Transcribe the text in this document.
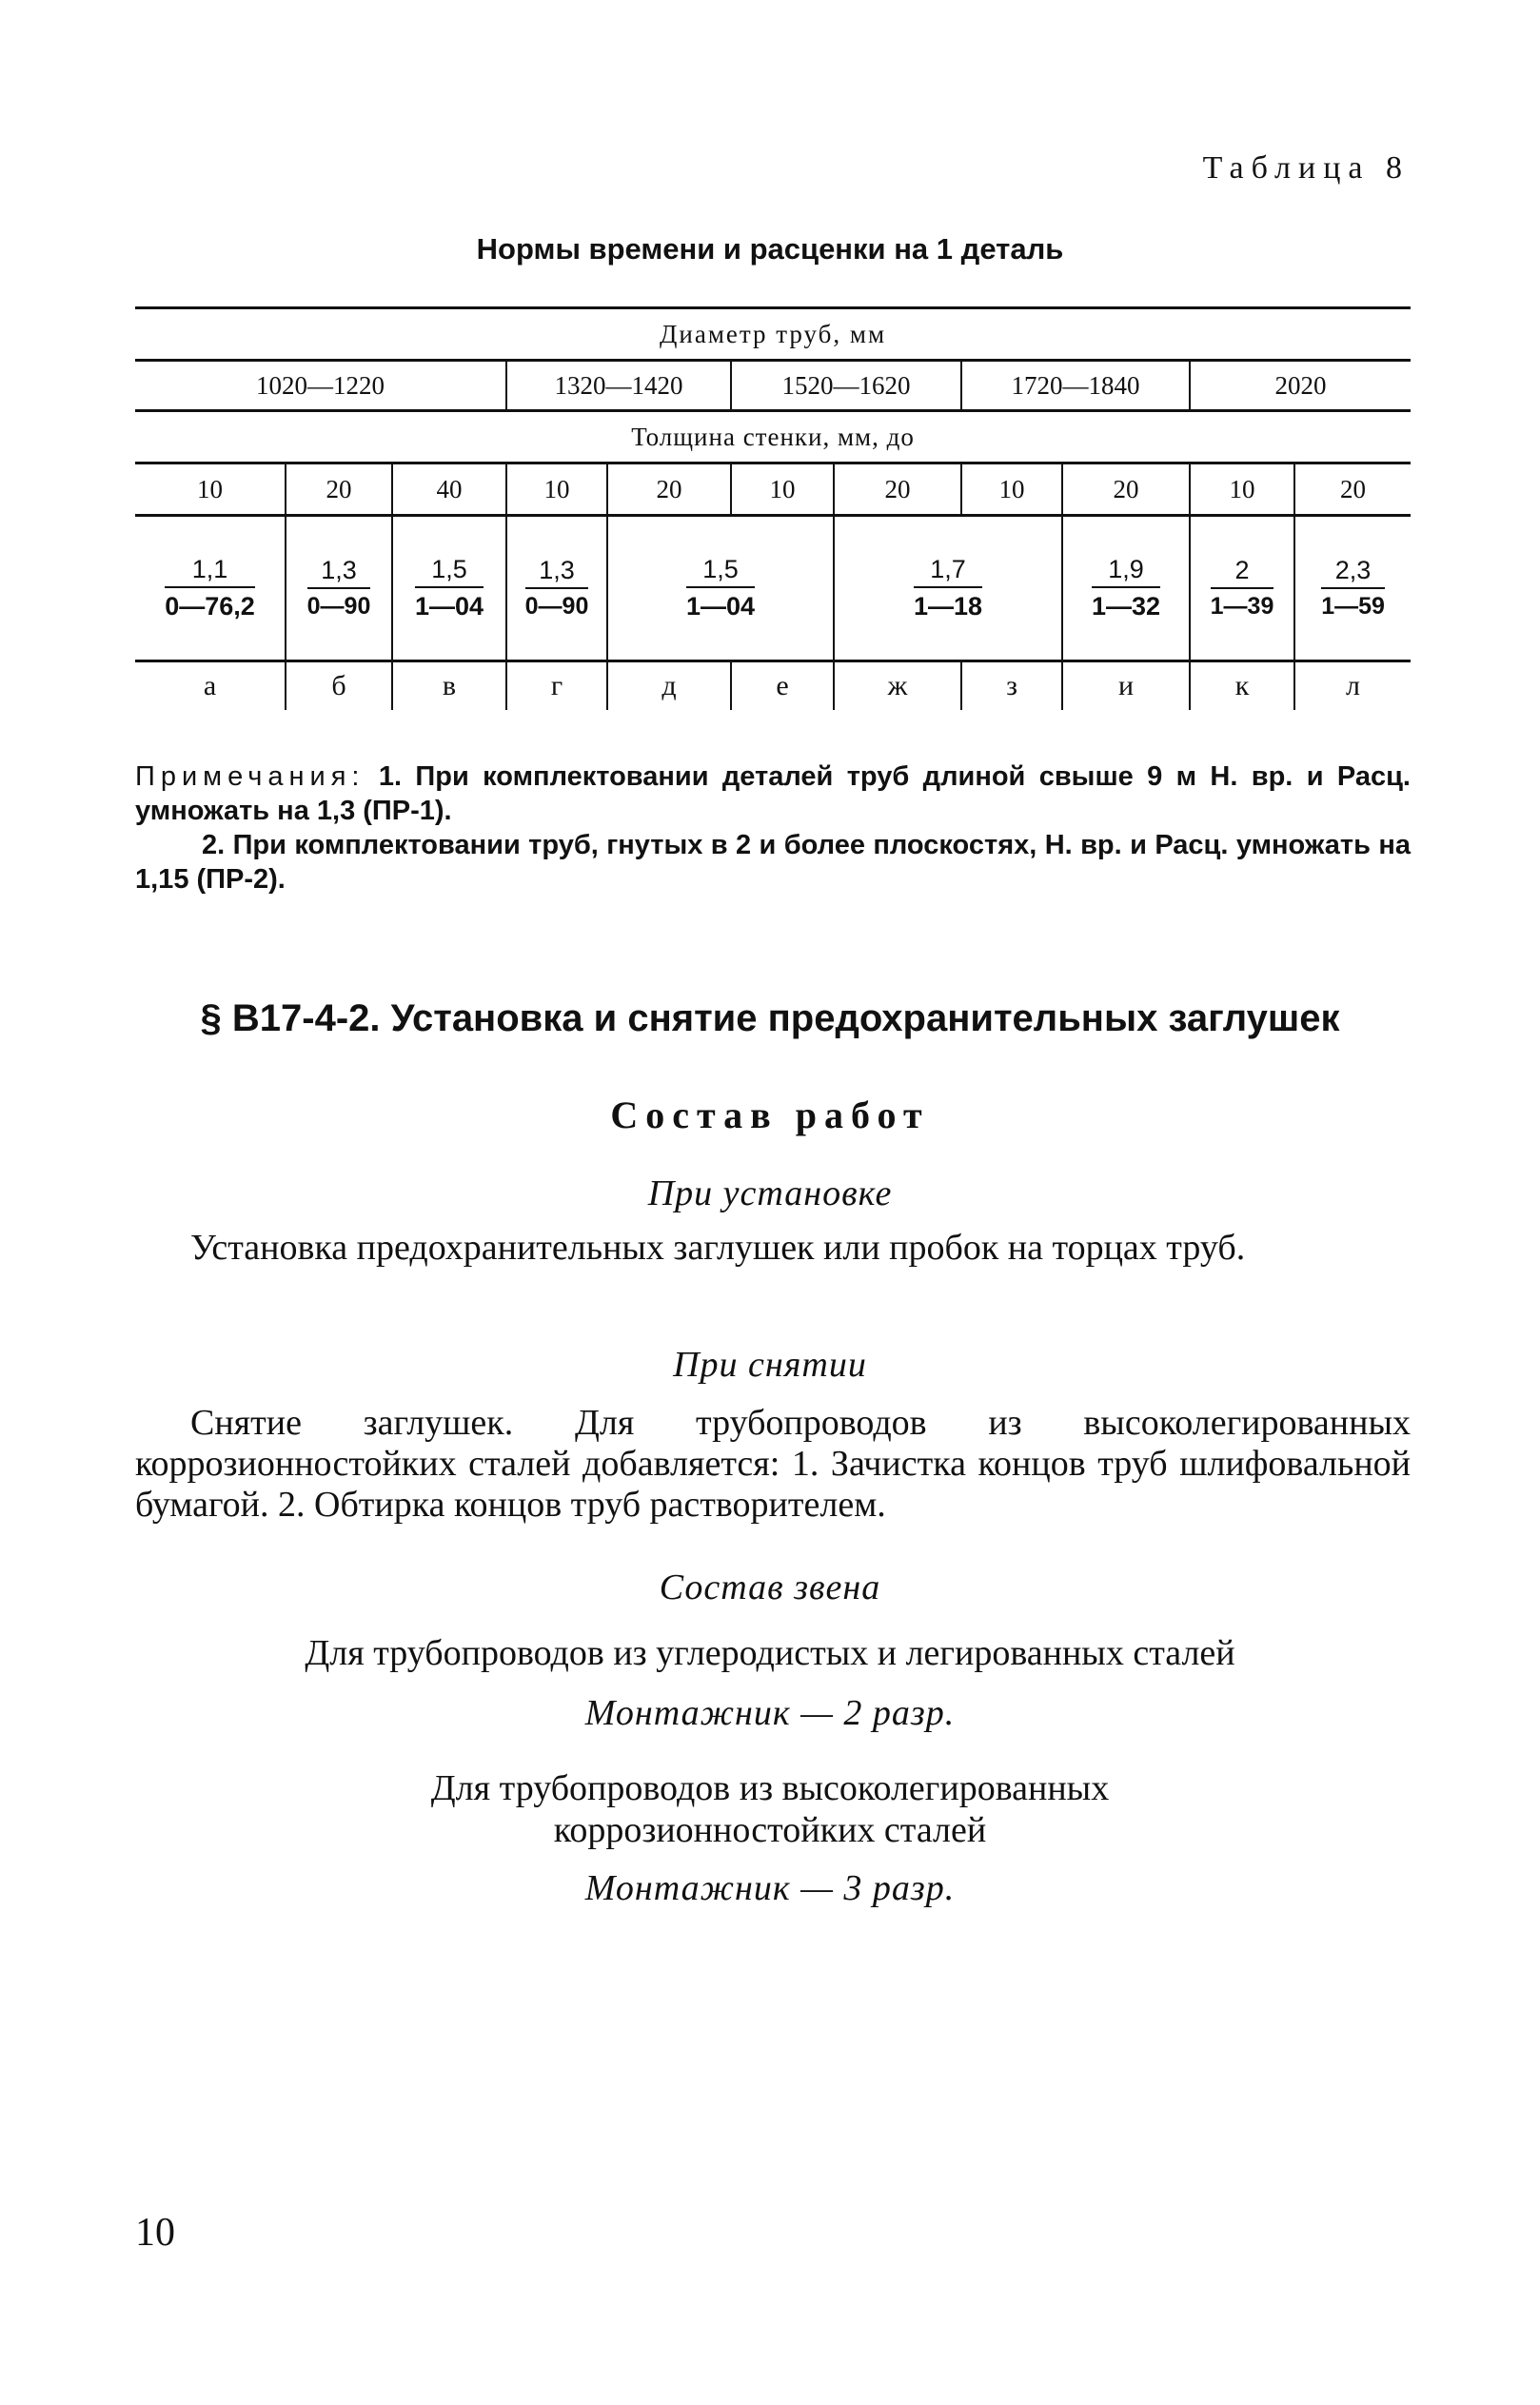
Таблица 8
Нормы времени и расценки на 1 деталь
Диаметр труб, мм										
1020—1220			1320—1420		1520—1620		1720—1840		2020	
Толщина стенки, мм, до										
10	20	40	10	20	10	20	10	20	10	20

$\frac{1,1}{0—76,2}$	$\frac{1,3}{0—90}$	$\frac{1,5}{1—04}$	$\frac{1,3}{0—90}$	$\frac{1,5}{1—04}$		$\frac{1,7}{1—18}$		$\frac{1,9}{1—32}$	$\frac{2}{1—39}$	$\frac{2,3}{1—59}$

а	б	в	г	д	е	ж	з	и	к	л

Примечания: 1. При комплектовании деталей труб длиной свыше 9 м Н. вр. и Расц. умножать на 1,3 (ПР-1).

2. При комплектовании труб, гнутых в 2 и более плоскостях, Н. вр. и Расц. умножать на 1,15 (ПР-2).

§ В17-4-2. Установка и снятие предохранительных заглушек
Состав работ
При установке

Установка предохранительных заглушек или пробок на торцах труб.

При снятии

Снятие заглушек. Для трубопроводов из высоколегированных коррозионностойких сталей добавляется: 1. Зачистка концов труб шлифовальной бумагой. 2. Обтирка концов труб растворителем.

Состав звена
Для трубопроводов из углеродистых и легированных сталей
Монтажник — 2 разр.
Для трубопроводов из высоколегированных
коррозионностойких сталей
Монтажник — 3 разр.
10
